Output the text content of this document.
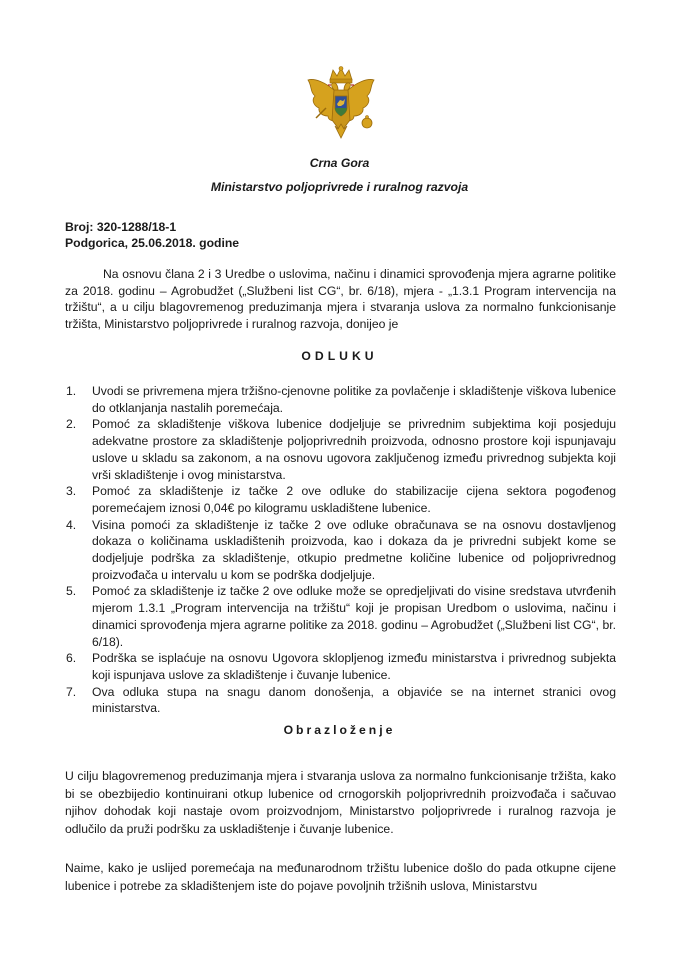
Crna Gora
Ministarstvo poljoprivrede i ruralnog razvoja
Broj: 320-1288/18-1
Podgorica, 25.06.2018. godine
Na osnovu člana 2 i 3 Uredbe o uslovima, načinu i dinamici sprovođenja mjera agrarne politike za 2018. godinu – Agrobudžet („Službeni list CG“, br. 6/18), mjera - „1.3.1 Program intervencija na tržištu“, a u cilju blagovremenog preduzimanja mjera i stvaranja uslova za normalno funkcionisanje tržišta, Ministarstvo poljoprivrede i ruralnog razvoja, donijeo je
ODLUKU
1. Uvodi se privremena mjera tržišno-cjenovne politike za povlačenje i skladištenje viškova lubenice do otklanjanja nastalih poremećaja.
2. Pomoć za skladištenje viškova lubenice dodjeljuje se privrednim subjektima koji posjeduju adekvatne prostore za skladištenje poljoprivrednih proizvoda, odnosno prostore koji ispunjavaju uslove u skladu sa zakonom, a na osnovu ugovora zaključenog između privrednog subjekta koji vrši skladištenje i ovog ministarstva.
3. Pomoć za skladištenje iz tačke 2 ove odluke do stabilizacije cijena sektora pogođenog poremećajem iznosi 0,04€ po kilogramu uskladištene lubenice.
4. Visina pomoći za skladištenje iz tačke 2 ove odluke obračunava se na osnovu dostavljenog dokaza o količinama uskladištenih proizvoda, kao i dokaza da je privredni subjekt kome se dodjeljuje podrška za skladištenje, otkupio predmetne količine lubenice od poljoprivrednog proizvođača u intervalu u kom se podrška dodjeljuje.
5. Pomoć za skladištenje iz tačke 2 ove odluke može se opredjeljivati do visine sredstava utvrđenih mjerom 1.3.1 „Program intervencija na tržištu“ koji je propisan Uredbom o uslovima, načinu i dinamici sprovođenja mjera agrarne politike za 2018. godinu – Agrobudžet („Službeni list CG“, br. 6/18).
6. Podrška se isplaćuje na osnovu Ugovora sklopljenog između ministarstva i privrednog subjekta koji ispunjava uslove za skladištenje i čuvanje lubenice.
7. Ova odluka stupa na snagu danom donošenja, a objaviće se na internet stranici ovog ministarstva.
Obrazloženje
U cilju blagovremenog preduzimanja mjera i stvaranja uslova za normalno funkcionisanje tržišta, kako bi se obezbijedio kontinuirani otkup lubenice od crnogorskih poljoprivrednih proizvođača i sačuvao njihov dohodak koji nastaje ovom proizvodnjom, Ministarstvo poljoprivrede i ruralnog razvoja je odlučilo da pruži podršku za uskladištenje i čuvanje lubenice.
Naime, kako je uslijed poremećaja na međunarodnom tržištu lubenice došlo do pada otkupne cijene lubenice i potrebe za skladištenjem iste do pojave povoljnih tržišnih uslova, Ministarstvu
